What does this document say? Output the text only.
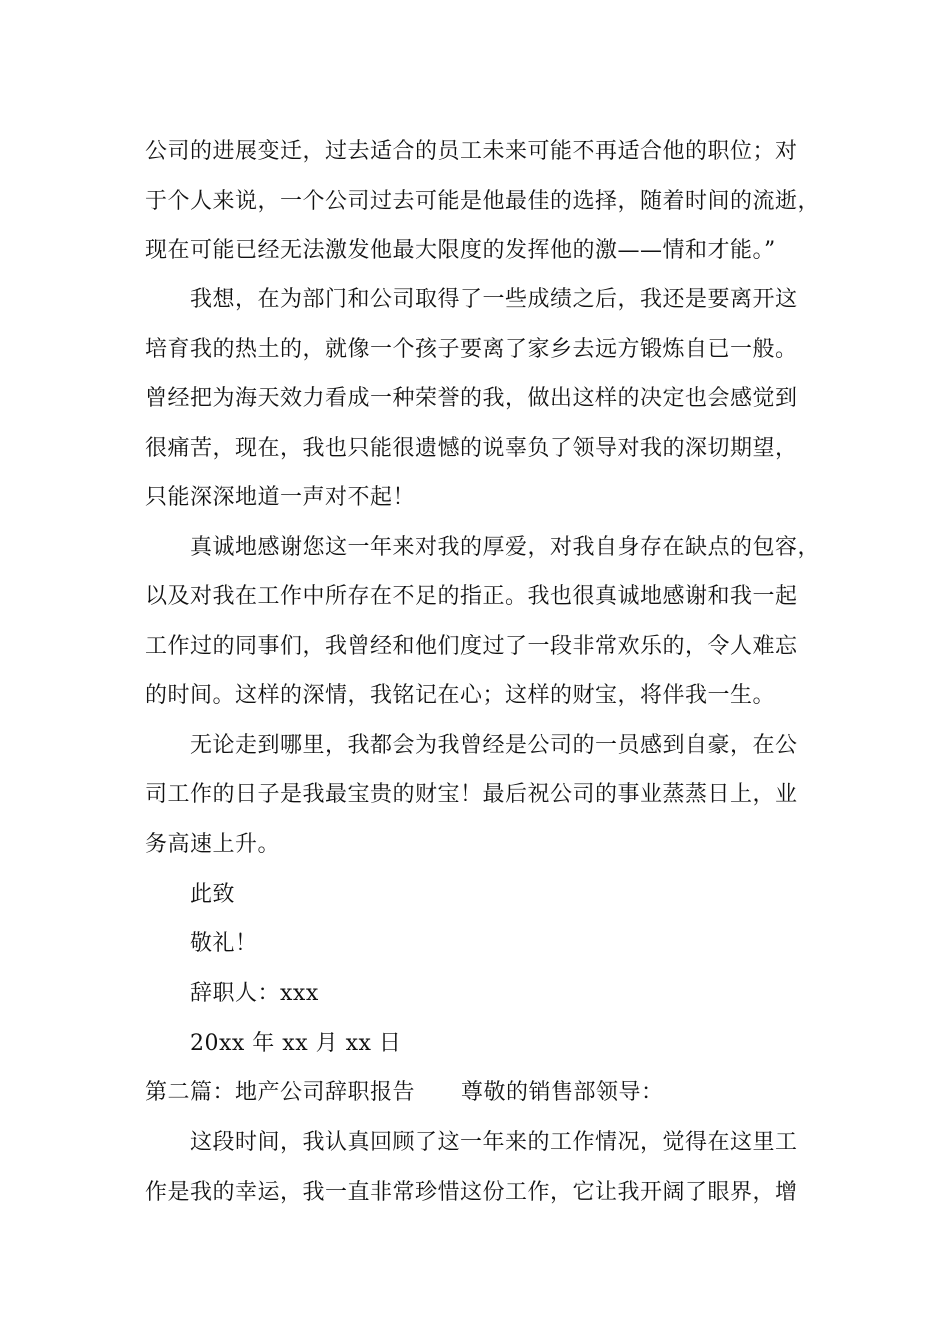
公司的进展变迁，过去适合的员工未来可能不再适合他的职位；对
于个人来说，一个公司过去可能是他最佳的选择，随着时间的流逝，
现在可能已经无法激发他最大限度的发挥他的激——情和才能。”
我想，在为部门和公司取得了一些成绩之后，我还是要离开这
培育我的热土的，就像一个孩子要离了家乡去远方锻炼自已一般。
曾经把为海天效力看成一种荣誉的我，做出这样的决定也会感觉到
很痛苦，现在，我也只能很遗憾的说辜负了领导对我的深切期望，
只能深深地道一声对不起！
真诚地感谢您这一年来对我的厚爱，对我自身存在缺点的包容，
以及对我在工作中所存在不足的指正。我也很真诚地感谢和我一起
工作过的同事们，我曾经和他们度过了一段非常欢乐的，令人难忘
的时间。这样的深情，我铭记在心；这样的财宝，将伴我一生。
无论走到哪里，我都会为我曾经是公司的一员感到自豪，在公
司工作的日子是我最宝贵的财宝！最后祝公司的事业蒸蒸日上，业
务高速上升。
此致
敬礼！
辞职人：xxx
20xx 年 xx 月 xx 日
第二篇：地产公司辞职报告 尊敬的销售部领导：
这段时间，我认真回顾了这一年来的工作情况，觉得在这里工
作是我的幸运，我一直非常珍惜这份工作，它让我开阔了眼界，增
